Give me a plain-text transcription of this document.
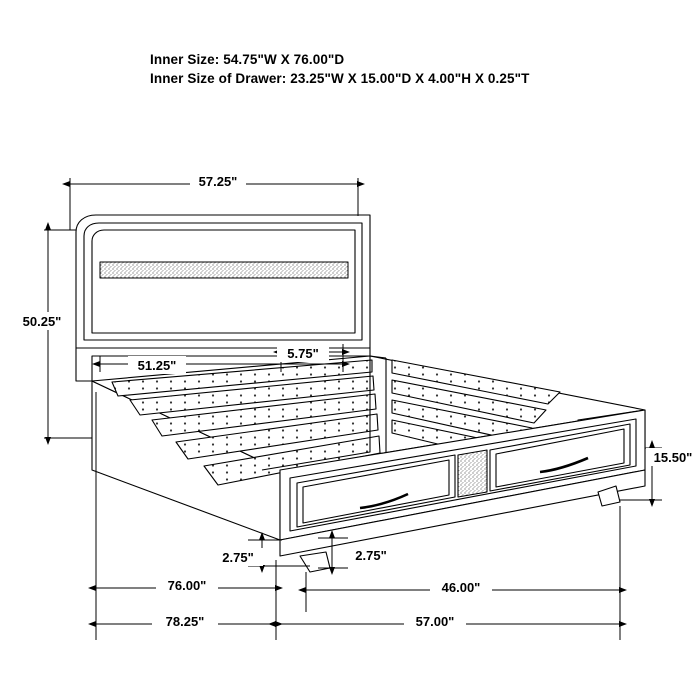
Inner Size: 54.75"W X 76.00"D
Inner Size of Drawer: 23.25"W X 15.00"D X 4.00"H X 0.25"T
57.25"
50.25"
51.25"
5.75"
15.50"
2.75"	2.75"
76.00"	46.00"
78.25"	57.00"
